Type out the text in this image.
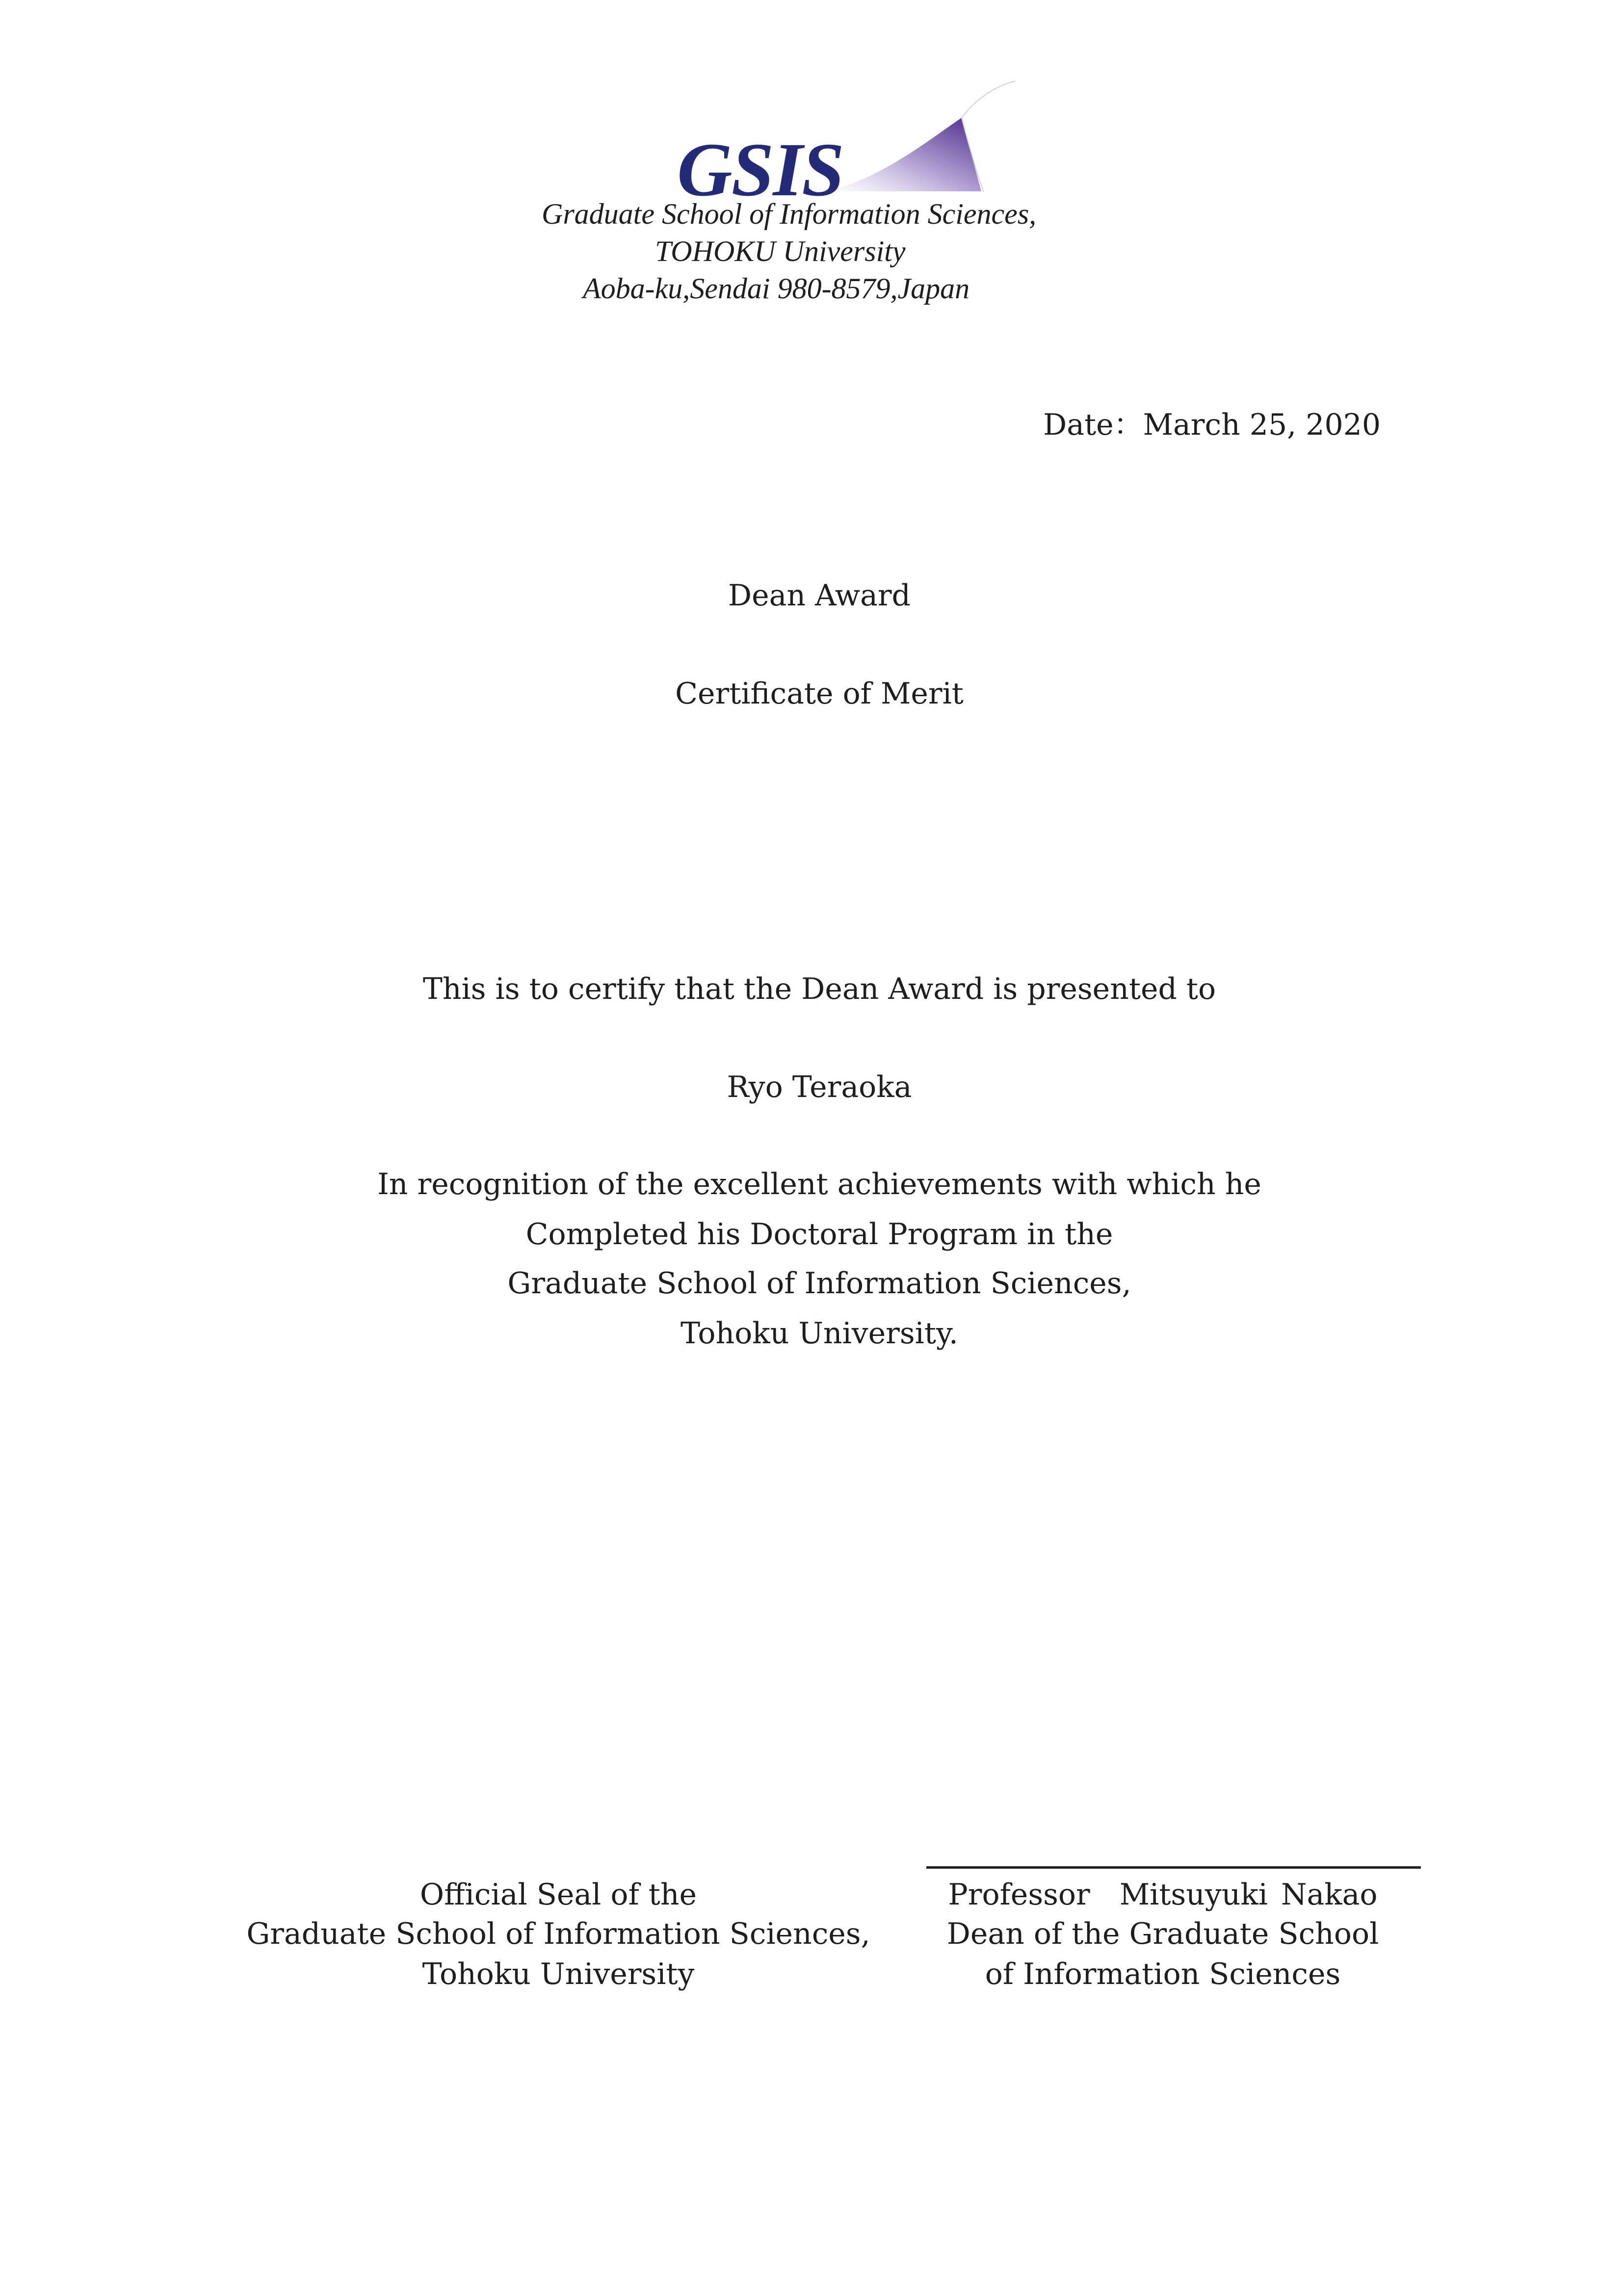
GSIS
Graduate School of Information Sciences,
TOHOKU University
Aoba-ku,Sendai 980-8579,Japan
Date：March 25, 2020
Dean Award
Certificate of Merit
This is to certify that the Dean Award is presented to
Ryo Teraoka
In recognition of the excellent achievements with which he
Completed his Doctoral Program in the
Graduate School of Information Sciences,
Tohoku University.
Official Seal of the
Graduate School of Information Sciences,
Tohoku University
Professor　Mitsuyuki Nakao
Dean of the Graduate School
of Information Sciences
